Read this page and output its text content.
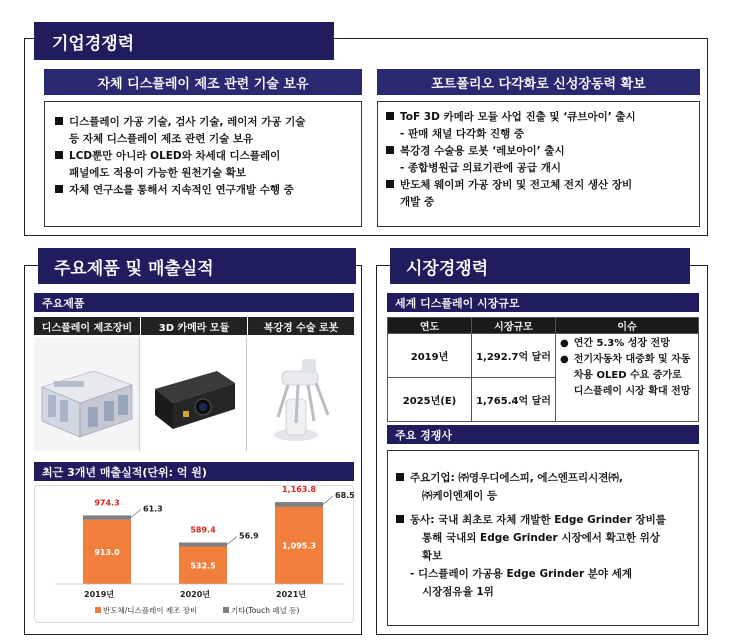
기업경쟁력
자체 디스플레이 제조 관련 기술 보유
디스플레이 가공 기술, 검사 기술, 레이저 가공 기술
등 자체 디스플레이 제조 관련 기술 보유
LCD뿐만 아니라 OLED와 차세대 디스플레이
패널에도 적용이 가능한 원천기술 확보
자체 연구소를 통해서 지속적인 연구개발 수행 중
포트폴리오 다각화로 신성장동력 확보
ToF 3D 카메라 모듈 사업 진출 및 ‘큐브아이’ 출시
- 판매 채널 다각화 진행 중
복강경 수술용 로봇 ‘레보아이’ 출시
- 종합병원급 의료기관에 공급 개시
반도체 웨이퍼 가공 장비 및 전고체 전지 생산 장비
개발 중
주요제품 및 매출실적
주요제품
디스플레이 제조장비	3D 카메라 모듈	복강경 수술 로봇
최근 3개년 매출실적(단위: 억 원)
913.0
974.3
61.3
2019년
532.5
589.4
56.9
2020년
1,095.3
1,163.8
68.5
2021년
반도체/디스플레이 제조 장비	기타(Touch 패널 등)
시장경쟁력
세계 디스플레이 시장규모
연도	시장규모	이슈
2019년	1,292.7억 달러	● 연간 5.3% 성장 전망
● 전기자동차 대중화 및 자동차용 OLED 수요 증가로 디스플레이 시장 확대 전망

2025년(E)	1,765.4억 달러	
주요 경쟁사
주요기업: ㈜영우디에스피, 에스엔프리시젼㈜,
㈜케이엔제이 등
동사: 국내 최초로 자체 개발한 Edge Grinder 장비를
통해 국내외 Edge Grinder 시장에서 확고한 위상
확보
- 디스플레이 가공용 Edge Grinder 분야 세계
시장점유율 1위
